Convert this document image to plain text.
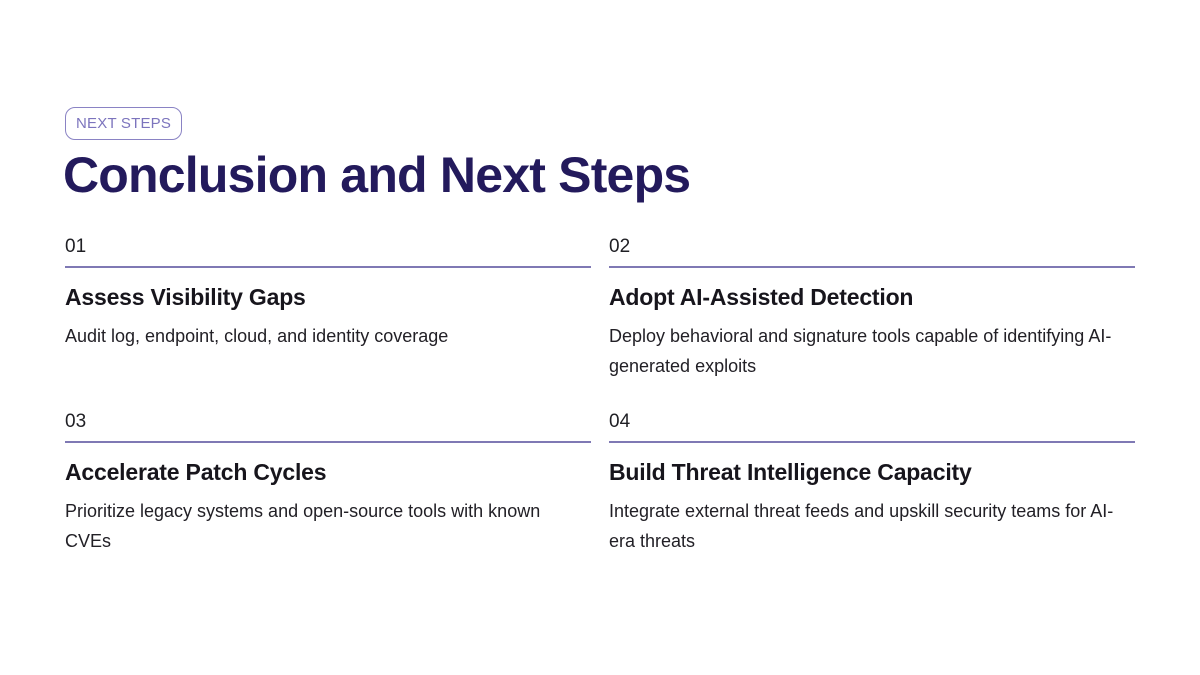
NEXT STEPS
Conclusion and Next Steps
01
Assess Visibility Gaps

Audit log, endpoint, cloud, and identity coverage

02
Adopt AI-Assisted Detection

Deploy behavioral and signature tools capable of identifying AI-generated exploits

03
Accelerate Patch Cycles

Prioritize legacy systems and open-source tools with known CVEs

04
Build Threat Intelligence Capacity

Integrate external threat feeds and upskill security teams for AI-era threats
